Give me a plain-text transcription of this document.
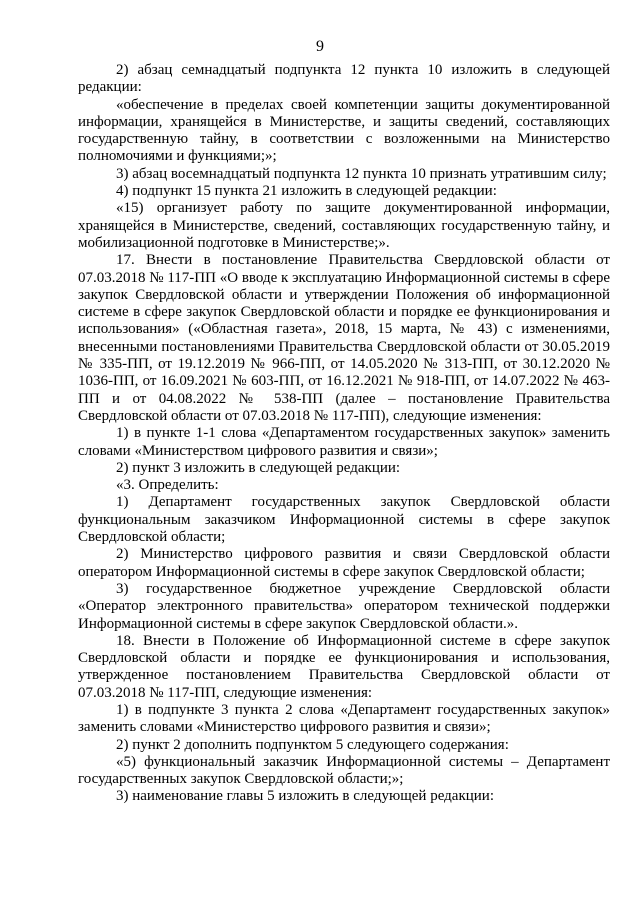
9

2) абзац семнадцатый подпункта 12 пункта 10 изложить в следующей редакции:

«обеспечение в пределах своей компетенции защиты документированной информации, хранящейся в Министерстве, и защиты сведений, составляющих государственную тайну, в соответствии с возложенными на Министерство полномочиями и функциями;»;

3) абзац восемнадцатый подпункта 12 пункта 10 признать утратившим силу;

4) подпункт 15 пункта 21 изложить в следующей редакции:

«15) организует работу по защите документированной информации, хранящейся в Министерстве, сведений, составляющих государственную тайну, и мобилизационной подготовке в Министерстве;».

17. Внести в постановление Правительства Свердловской области от 07.03.2018 № 117-ПП «О вводе к эксплуатацию Информационной системы в сфере закупок Свердловской области и утверждении Положения об информационной системе в сфере закупок Свердловской области и порядке ее функционирования и использования» («Областная газета», 2018, 15 марта, № 43) с изменениями, внесенными постановлениями Правительства Свердловской области от 30.05.2019 № 335-ПП, от 19.12.2019 № 966-ПП, от 14.05.2020 № 313-ПП, от 30.12.2020 № 1036-ПП, от 16.09.2021 № 603-ПП, от 16.12.2021 № 918-ПП, от 14.07.2022 № 463-ПП и от 04.08.2022 № 538-ПП (далее – постановление Правительства Свердловской области от 07.03.2018 № 117-ПП), следующие изменения:

1) в пункте 1-1 слова «Департаментом государственных закупок» заменить словами «Министерством цифрового развития и связи»;

2) пункт 3 изложить в следующей редакции:

«3. Определить:

1) Департамент государственных закупок Свердловской области функциональным заказчиком Информационной системы в сфере закупок Свердловской области;

2) Министерство цифрового развития и связи Свердловской области оператором Информационной системы в сфере закупок Свердловской области;

3) государственное бюджетное учреждение Свердловской области «Оператор электронного правительства» оператором технической поддержки Информационной системы в сфере закупок Свердловской области.».

18. Внести в Положение об Информационной системе в сфере закупок Свердловской области и порядке ее функционирования и использования, утвержденное постановлением Правительства Свердловской области от 07.03.2018 № 117-ПП, следующие изменения:

1) в подпункте 3 пункта 2 слова «Департамент государственных закупок» заменить словами «Министерство цифрового развития и связи»;

2) пункт 2 дополнить подпунктом 5 следующего содержания:

«5) функциональный заказчик Информационной системы – Департамент государственных закупок Свердловской области;»;

3) наименование главы 5 изложить в следующей редакции:
